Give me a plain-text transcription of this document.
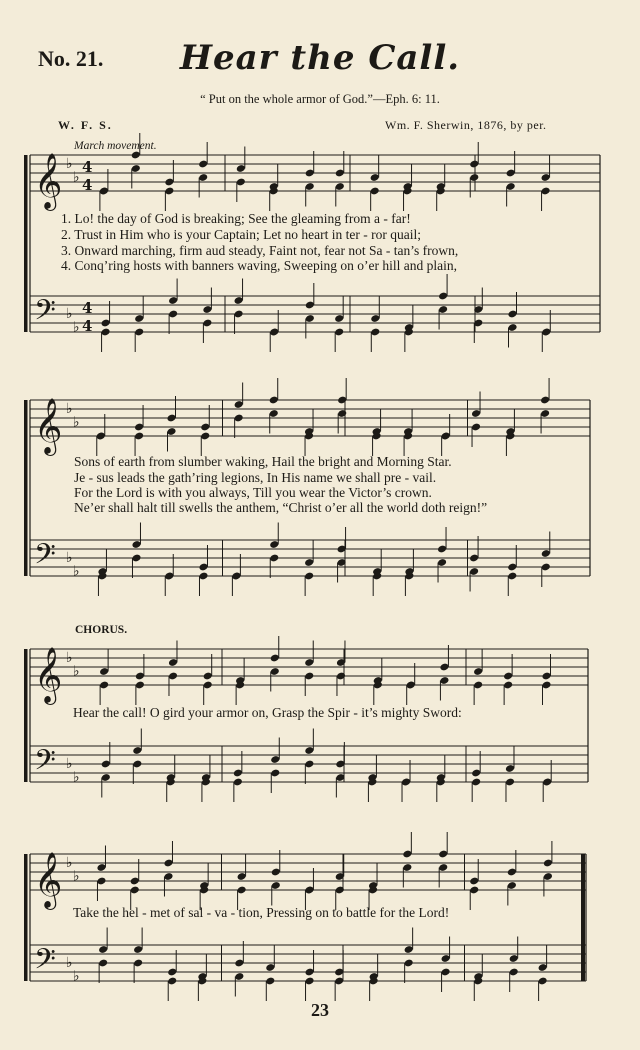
No. 21.	Hear the Call.
“ Put on the whole armor of God.”—Eph. 6: 11.
W. F. S.	Wm. F. Sherwin, 1876, by per.
March movement.
𝄞
𝄢
♭
♭
♭
♭
4
4
4
4
𝄞
𝄢
♭
♭
♭
♭
𝄞
𝄢
♭
♭
♭
♭
𝄞
𝄢
♭
♭
♭
♭
1. Lo! the day of God is breaking; See the gleaming from a - far!
2. Trust in Him who is your Captain; Let no heart in ter - ror quail;
3. Onward marching, firm aud steady, Faint not, fear not Sa - tan’s frown,
4. Conq’ring hosts with banners waving, Sweeping on o’er hill and plain,
Sons of earth from slumber waking, Hail the bright and Morning Star.
Je - sus leads the gath’ring legions, In His name we shall pre - vail.
For the Lord is with you always, Till you wear the Victor’s crown.
Ne’er shall halt till swells the anthem, “Christ o’er all the world doth reign!”
CHORUS.
Hear the call! O gird your armor on, Grasp the Spir - it’s mighty Sword:
Take the hel - met of sal - va - tion, Pressing on to battle for the Lord!
23
